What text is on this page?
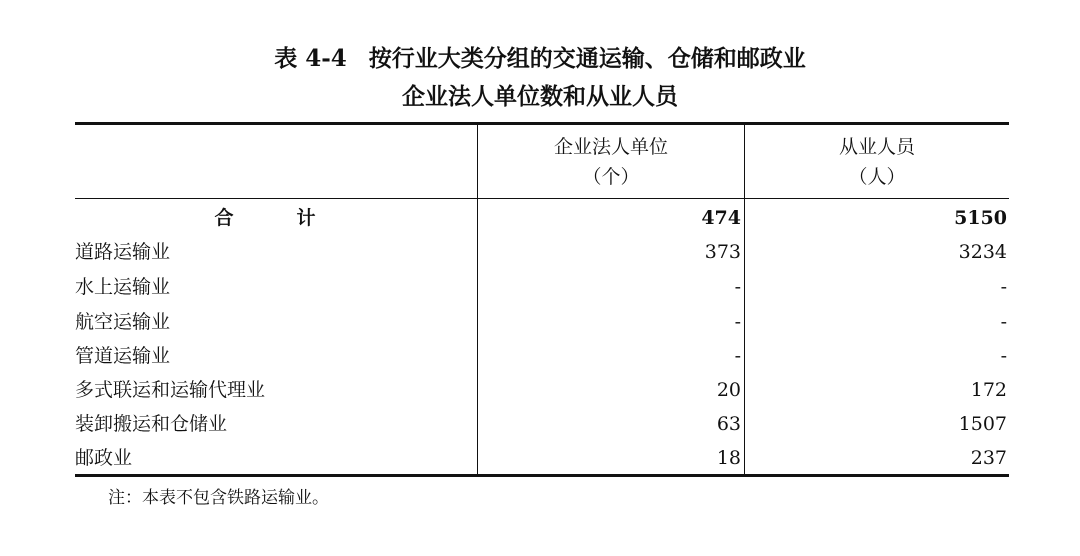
表 4-4 按行业大类分组的交通运输、仓储和邮政业
企业法人单位数和从业人员
企业法人单位
（个）
从业人员
（人）
合　计	474	5150
道路运输业	373	3234
水上运输业	-	-
航空运输业	-	-
管道运输业	-	-
多式联运和运输代理业	20	172
装卸搬运和仓储业	63	1507
邮政业	18	237
注：本表不包含铁路运输业。
